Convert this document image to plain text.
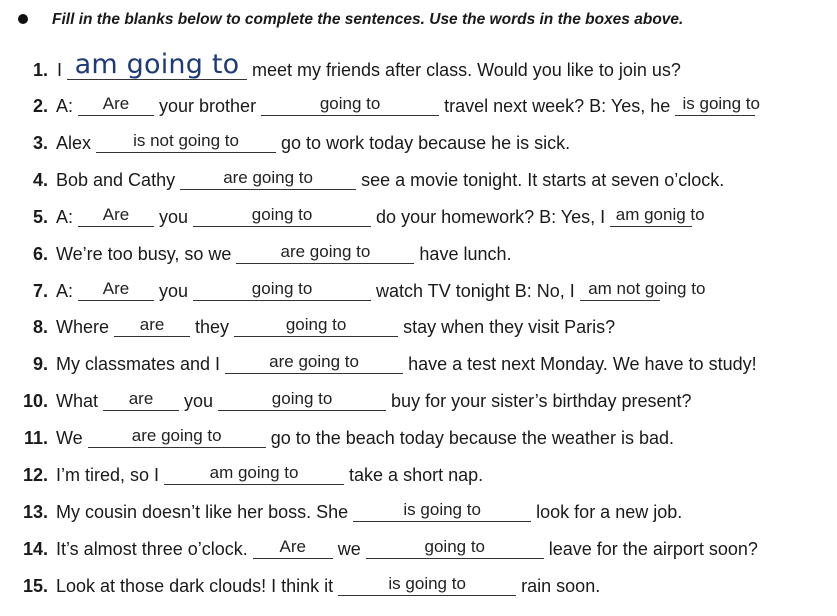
Fill in the blanks below to complete the sentences. Use the words in the boxes above.
1. I am going to meet my friends after class. Would you like to join us?
2. A:	Are	your brother	going to	travel next week? B: Yes, he is going to
3. Alex	is not going to	go to work today because he is sick.
4. Bob and Cathy	are going to	see a movie tonight. It starts at seven o’clock.
5. A:	Are	you	going to	do your homework? B: Yes, I am gonig to
6. We’re too busy, so we	are going to	have lunch.
7. A:	Are	you	going to	watch TV tonight B: No, I am not going to
8. Where	are	they	going to	stay when they visit Paris?
9. My classmates and I	are going to	have a test next Monday. We have to study!
10. What	are	you	going to	buy for your sister’s birthday present?
11. We	are going to	go to the beach today because the weather is bad.
12. I’m tired, so I	am going to	take a short nap.
13. My cousin doesn’t like her boss. She	is going to	look for a new job.
14. It’s almost three o’clock.	Are	we	going to	leave for the airport soon?
15. Look at those dark clouds! I think it	is going to	rain soon.
